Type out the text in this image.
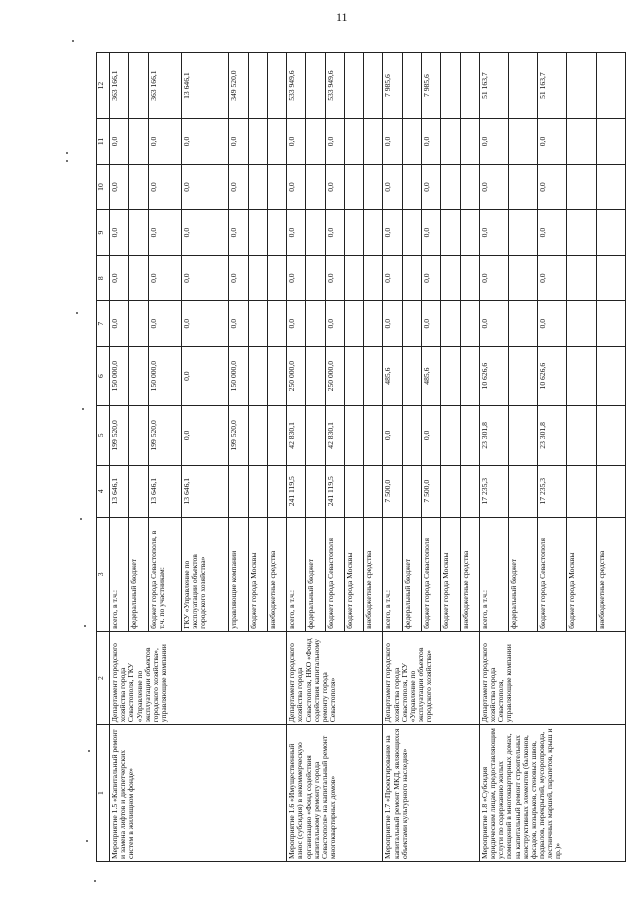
11
1	2	3	4	5	6	7	8	9	10	11	12
Мероприятие 1.5 «Капитальный ремонт и замена лифтов и диспетчерских систем в жилищном фонде»	Департамент городского хозяйства города Севастополя, ГКУ «Управление по эксплуатации объектов городского хозяйства», управляющие компании	всего, в т.ч.:	13 646,1	199 520,0	150 000,0	0,0	0,0	0,0	0,0	0,0	363 166,1
		федеральный бюджет									
		бюджет города Севастополя, в т.ч. по участникам:	13 646,1	199 520,0	150 000,0	0,0	0,0	0,0	0,0	0,0	363 166,1
		ГКУ «Управление по эксплуатации объектов городского хозяйства»	13 646,1	0,0	0,0	0,0	0,0	0,0	0,0	0,0	13 646,1
		управляющие компании		199 520,0	150 000,0	0,0	0,0	0,0	0,0	0,0	349 520,0
		бюджет города Москвы									
		внебюджетные средства									
Мероприятие 1.6 «Имущественный взнос (субсидия) в некоммерческую организацию «Фонд содействия капитальному ремонту города Севастополя» на капитальный ремонт многоквартирных домов»	Департамент городского хозяйства города Севастополя, НКО «Фонд содействия капитальному ремонту города Севастополя»	всего, в т.ч.:	241 119,5	42 830,1	250 000,0	0,0	0,0	0,0	0,0	0,0	533 949,6
		федеральный бюджет									
		бюджет города Севастополя	241 119,5	42 830,1	250 000,0	0,0	0,0	0,0	0,0	0,0	533 949,6
		бюджет города Москвы									
		внебюджетные средства									
Мероприятие 1.7 «Проектирование на капитальный ремонт МКД, являющихся объектами культурного наследия»	Департамент городского хозяйства города Севастополя, ГКУ «Управление по эксплуатации объектов городского хозяйства»	всего, в т.ч.:	7 500,0	0,0	485,6	0,0	0,0	0,0	0,0	0,0	7 985,6
		федеральный бюджет									
		бюджет города Севастополя	7 500,0	0,0	485,6	0,0	0,0	0,0	0,0	0,0	7 985,6
		бюджет города Москвы									
		внебюджетные средства									
Мероприятие 1.8 «Субсидия юридическим лицам, предоставляющим услуги по содержанию жилых помещений в многоквартирных домах, на капитальный ремонт строительных конструктивных элементов (балконов, фасадов, козырьков, стеновых швов, подвалов, перекрытий, мусоропровода, лестничных маршей, парапетов, крыш и пр.)»	Департамент городского хозяйства города Севастополя, управляющие компании	всего, в т.ч.:	17 235,3	23 301,8	10 626,6	0,0	0,0	0,0	0,0	0,0	51 163,7
		федеральный бюджет									
		бюджет города Севастополя	17 235,3	23 301,8	10 626,6	0,0	0,0	0,0	0,0	0,0	51 163,7
		бюджет города Москвы									
		внебюджетные средства									
